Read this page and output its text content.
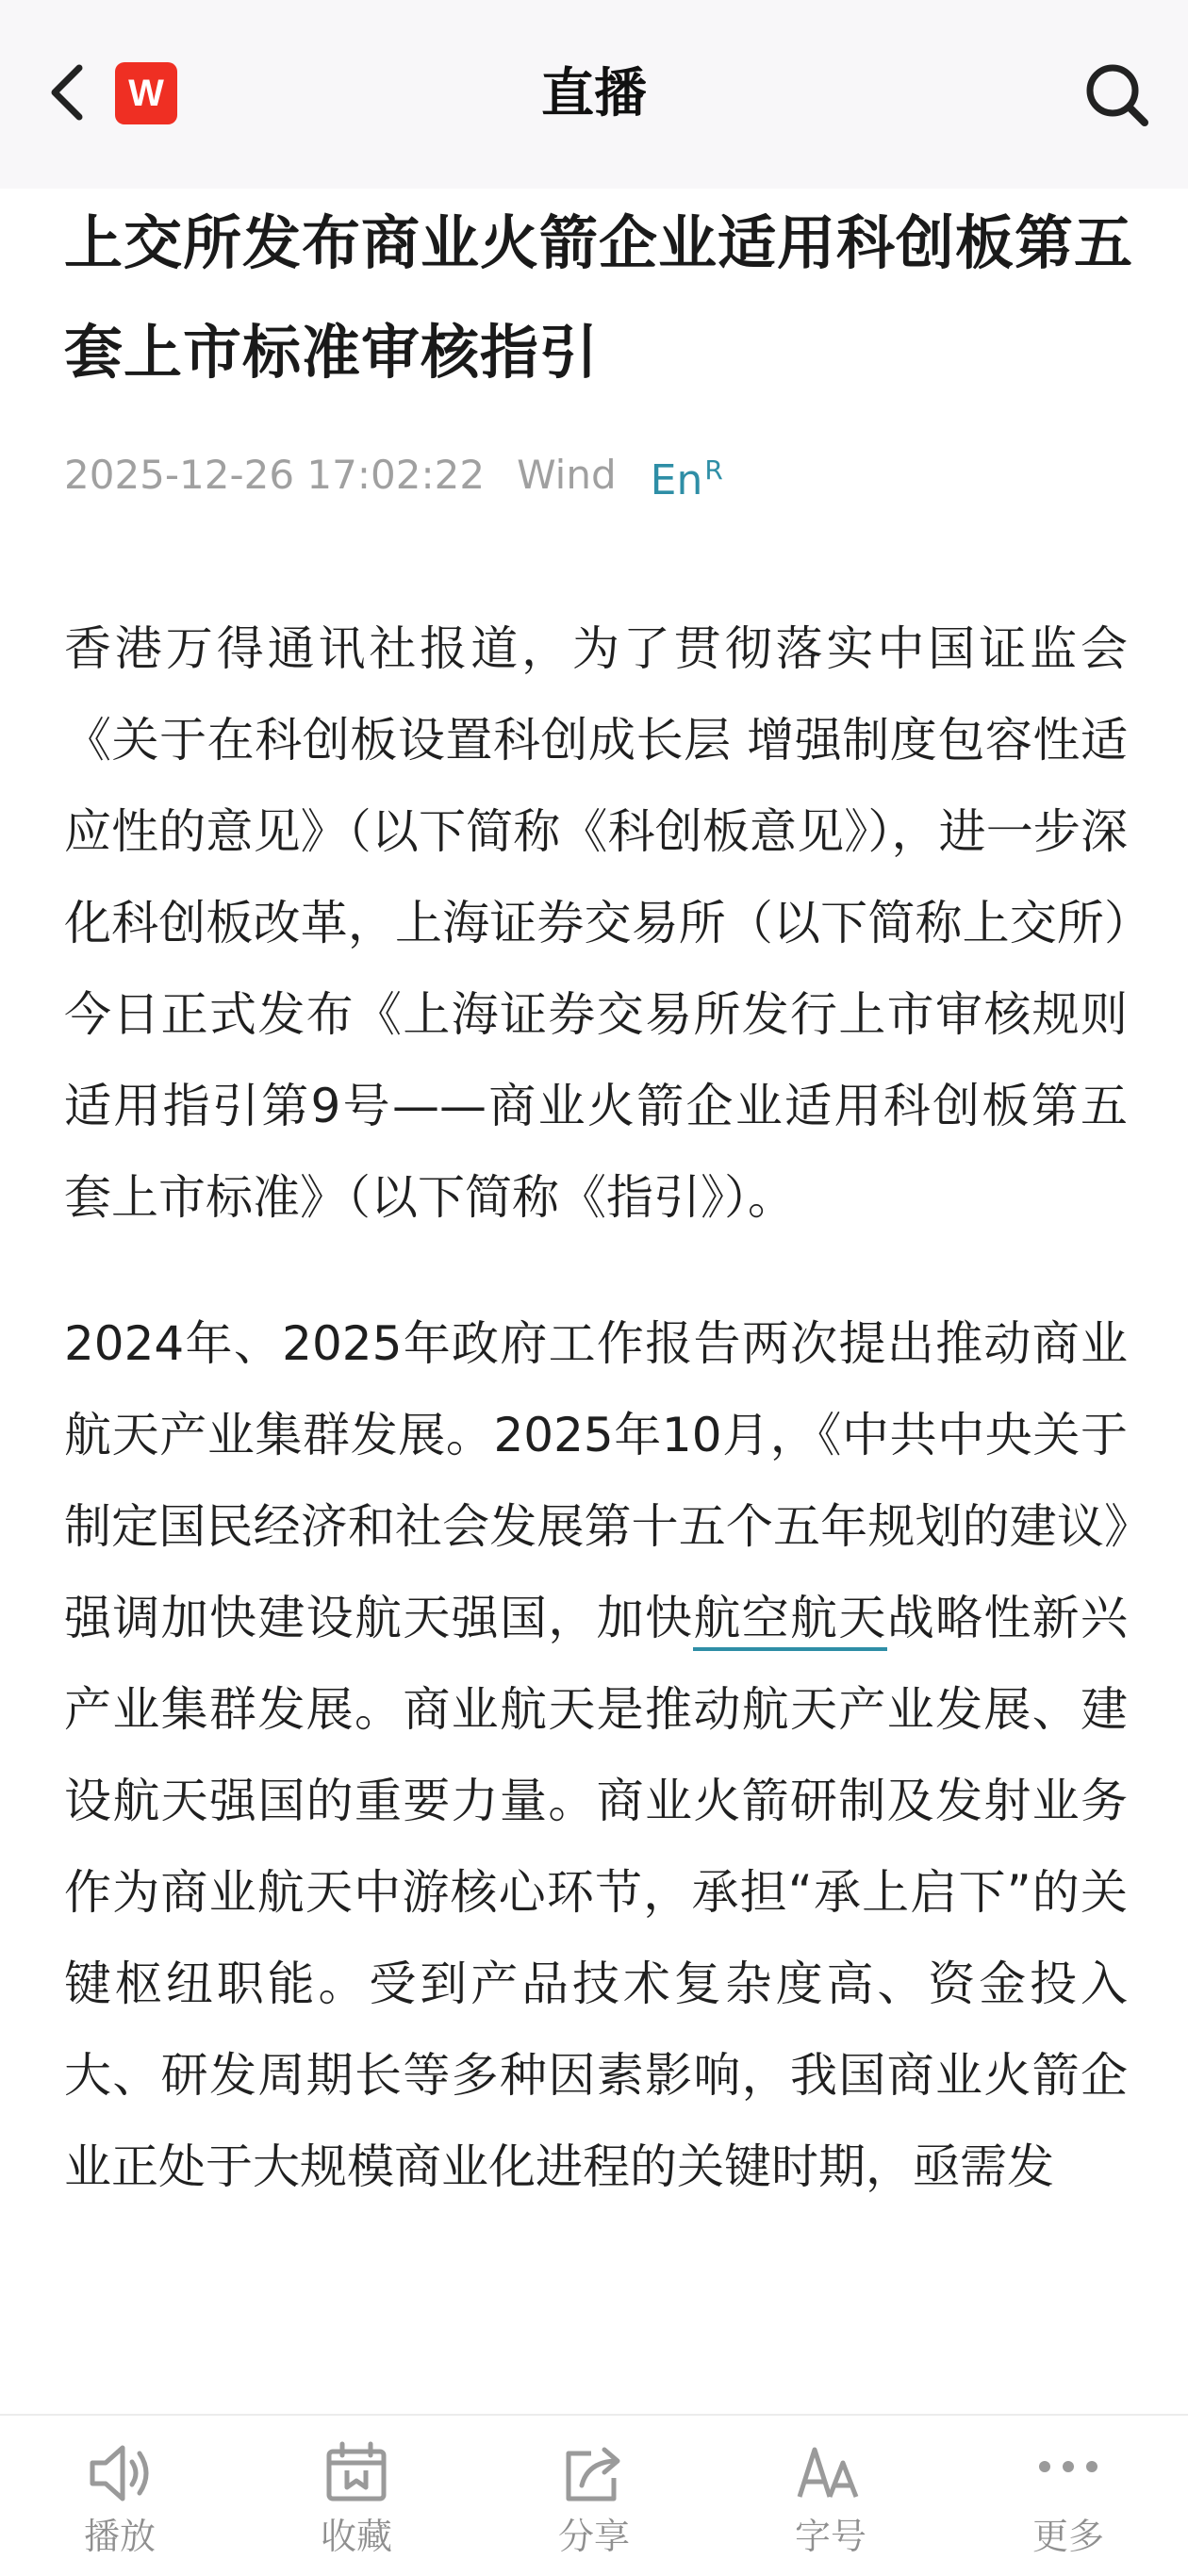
W	直播
上交所发布商业火箭企业适用科创板第五套上市标准审核指引
2025-12-26 17:02:22 Wind $En^R$

香港万得通讯社报道，为了贯彻落实中国证监会《关于在科创板设置科创成长层 增强制度包容性适应性的意见》（以下简称《科创板意见》），进一步深化科创板改革，上海证券交易所（以下简称上交所）今日正式发布《上海证券交易所发行上市审核规则适用指引第9号——商业火箭企业适用科创板第五套上市标准》（以下简称《指引》）。

2024年、2025年政府工作报告两次提出推动商业航天产业集群发展。2025年10月，《中共中央关于制定国民经济和社会发展第十五个五年规划的建议》强调加快建设航天强国，加快航空航天战略性新兴产业集群发展。商业航天是推动航天产业发展、建设航天强国的重要力量。商业火箭研制及发射业务作为商业航天中游核心环节，承担“承上启下”的关键枢纽职能。受到产品技术复杂度高、资金投入大、研发周期长等多种因素影响，我国商业火箭企业正处于大规模商业化进程的关键时期，亟需发

播放	收藏	分享	字号	更多
